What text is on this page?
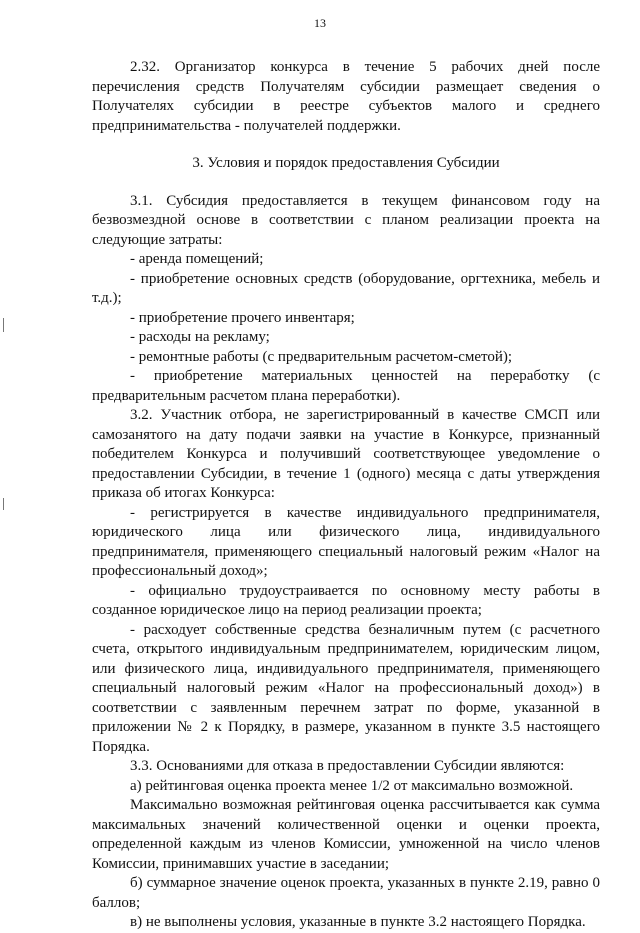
13

2.32. Организатор конкурса в течение 5 рабочих дней после перечисления средств Получателям субсидии размещает сведения о Получателях субсидии в реестре субъектов малого и среднего предпринимательства - получателей поддержки.

3. Условия и порядок предоставления Субсидии

3.1. Субсидия предоставляется в текущем финансовом году на безвозмездной основе в соответствии с планом реализации проекта на следующие затраты:

- аренда помещений;

- приобретение основных средств (оборудование, оргтехника, мебель и т.д.);

- приобретение прочего инвентаря;

- расходы на рекламу;

- ремонтные работы (с предварительным расчетом-сметой);

- приобретение материальных ценностей на переработку (с предварительным расчетом плана переработки).

3.2. Участник отбора, не зарегистрированный в качестве СМСП или самозанятого на дату подачи заявки на участие в Конкурсе, признанный победителем Конкурса и получивший соответствующее уведомление о предоставлении Субсидии, в течение 1 (одного) месяца с даты утверждения приказа об итогах Конкурса:

- регистрируется в качестве индивидуального предпринимателя, юридического лица или физического лица, индивидуального предпринимателя, применяющего специальный налоговый режим «Налог на профессиональный доход»;

- официально трудоустраивается по основному месту работы в созданное юридическое лицо на период реализации проекта;

- расходует собственные средства безналичным путем (с расчетного счета, открытого индивидуальным предпринимателем, юридическим лицом, или физического лица, индивидуального предпринимателя, применяющего специальный налоговый режим «Налог на профессиональный доход») в соответствии с заявленным перечнем затрат по форме, указанной в приложении № 2 к Порядку, в размере, указанном в пункте 3.5 настоящего Порядка.

3.3. Основаниями для отказа в предоставлении Субсидии являются:

а) рейтинговая оценка проекта менее 1/2 от максимально возможной.

Максимально возможная рейтинговая оценка рассчитывается как сумма максимальных значений количественной оценки и оценки проекта, определенной каждым из членов Комиссии, умноженной на число членов Комиссии, принимавших участие в заседании;

б) суммарное значение оценок проекта, указанных в пункте 2.19, равно 0 баллов;

в) не выполнены условия, указанные в пункте 3.2 настоящего Порядка.
